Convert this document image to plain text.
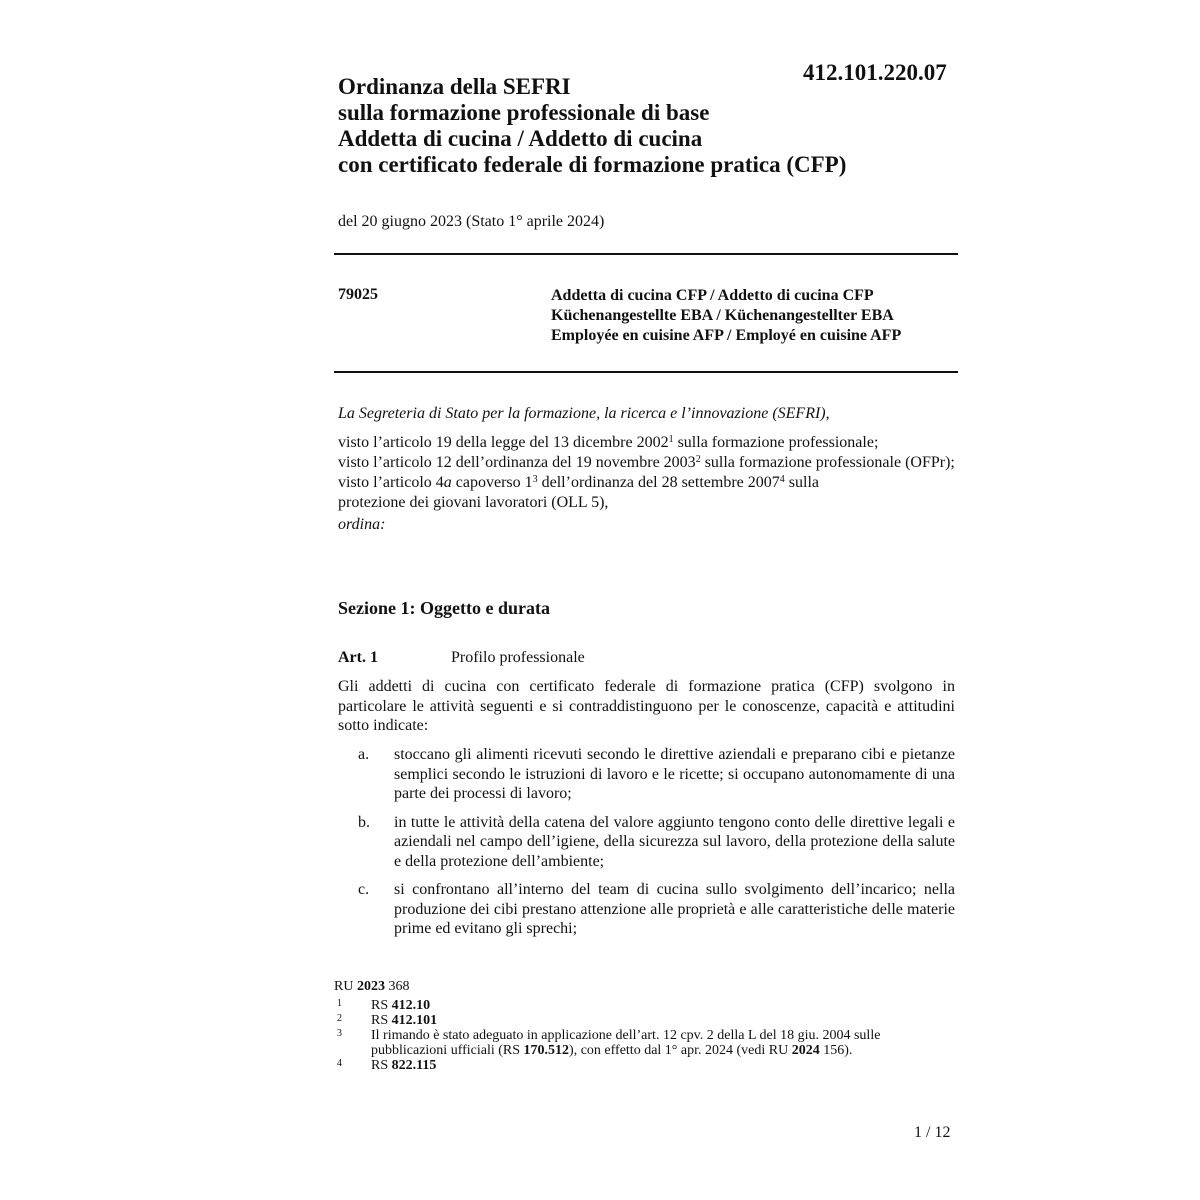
412.101.220.07
Ordinanza della SEFRI
sulla formazione professionale di base
Addetta di cucina / Addetto di cucina
con certificato federale di formazione pratica (CFP)
del 20 giugno 2023 (Stato 1° aprile 2024)
79025	Addetta di cucina CFP / Addetto di cucina CFP
Küchenangestellte EBA / Küchenangestellter EBA
Employée en cuisine AFP / Employé en cuisine AFP
La Segreteria di Stato per la formazione, la ricerca e l’innovazione (SEFRI),
visto l’articolo 19 della legge del 13 dicembre 2002$^1$ sulla formazione professionale;
visto l’articolo 12 dell’ordinanza del 19 novembre 2003$^2$ sulla formazione professionale (OFPr);
visto l’articolo 4a capoverso $1^3$ dell’ordinanza del 28 settembre 2007$^4$ sulla protezione dei giovani lavoratori (OLL 5),
ordina:
Sezione 1: Oggetto e durata
Art. 1	Profilo professionale
Gli addetti di cucina con certificato federale di formazione pratica (CFP) svolgono in particolare le attività seguenti e si contraddistinguono per le conoscenze, capacità e attitudini sotto indicate:
a.	stoccano gli alimenti ricevuti secondo le direttive aziendali e preparano cibi e pietanze semplici secondo le istruzioni di lavoro e le ricette; si occupano autonomamente di una parte dei processi di lavoro;
b.	in tutte le attività della catena del valore aggiunto tengono conto delle direttive legali e aziendali nel campo dell’igiene, della sicurezza sul lavoro, della protezione della salute e della protezione dell’ambiente;
c.	si confrontano all’interno del team di cucina sullo svolgimento dell’incarico; nella produzione dei cibi prestano attenzione alle proprietà e alle caratteristiche delle materie prime ed evitano gli sprechi;
RU 2023 368
1	RS 412.10
2	RS 412.101
3	Il rimando è stato adeguato in applicazione dell’art. 12 cpv. 2 della L del 18 giu. 2004 sulle pubblicazioni ufficiali (RS 170.512), con effetto dal 1° apr. 2024 (vedi RU 2024 156).
4	RS 822.115
1 / 12
